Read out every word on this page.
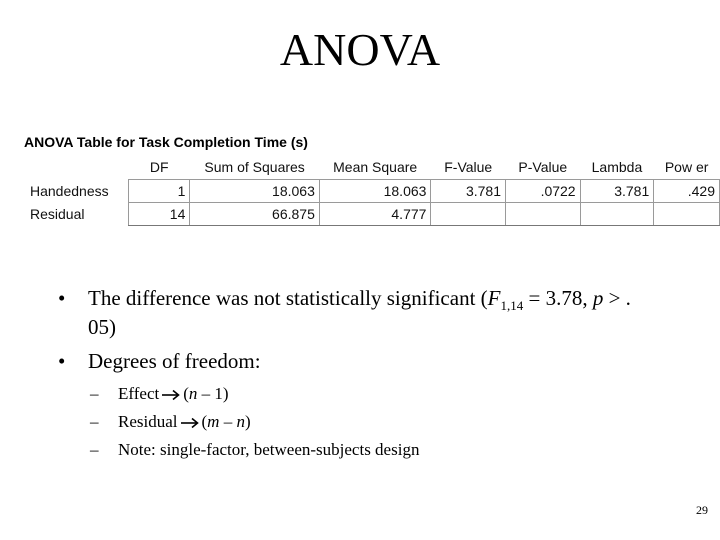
ANOVA
ANOVA Table for Task Completion Time (s)
	DF	Sum of Squares	Mean Square	F-Value	P-Value	Lambda	Pow er
Handedness	1	18.063	18.063	3.781	.0722	3.781	.429
Residual	14	66.875	4.777				
• The difference was not statistically significant ($F_{1,14} = 3.78$, p > . 05)
• Degrees of freedom:
– Effect (n – 1)
– Residual (m – n)
– Note: single-factor, between-subjects design
29
